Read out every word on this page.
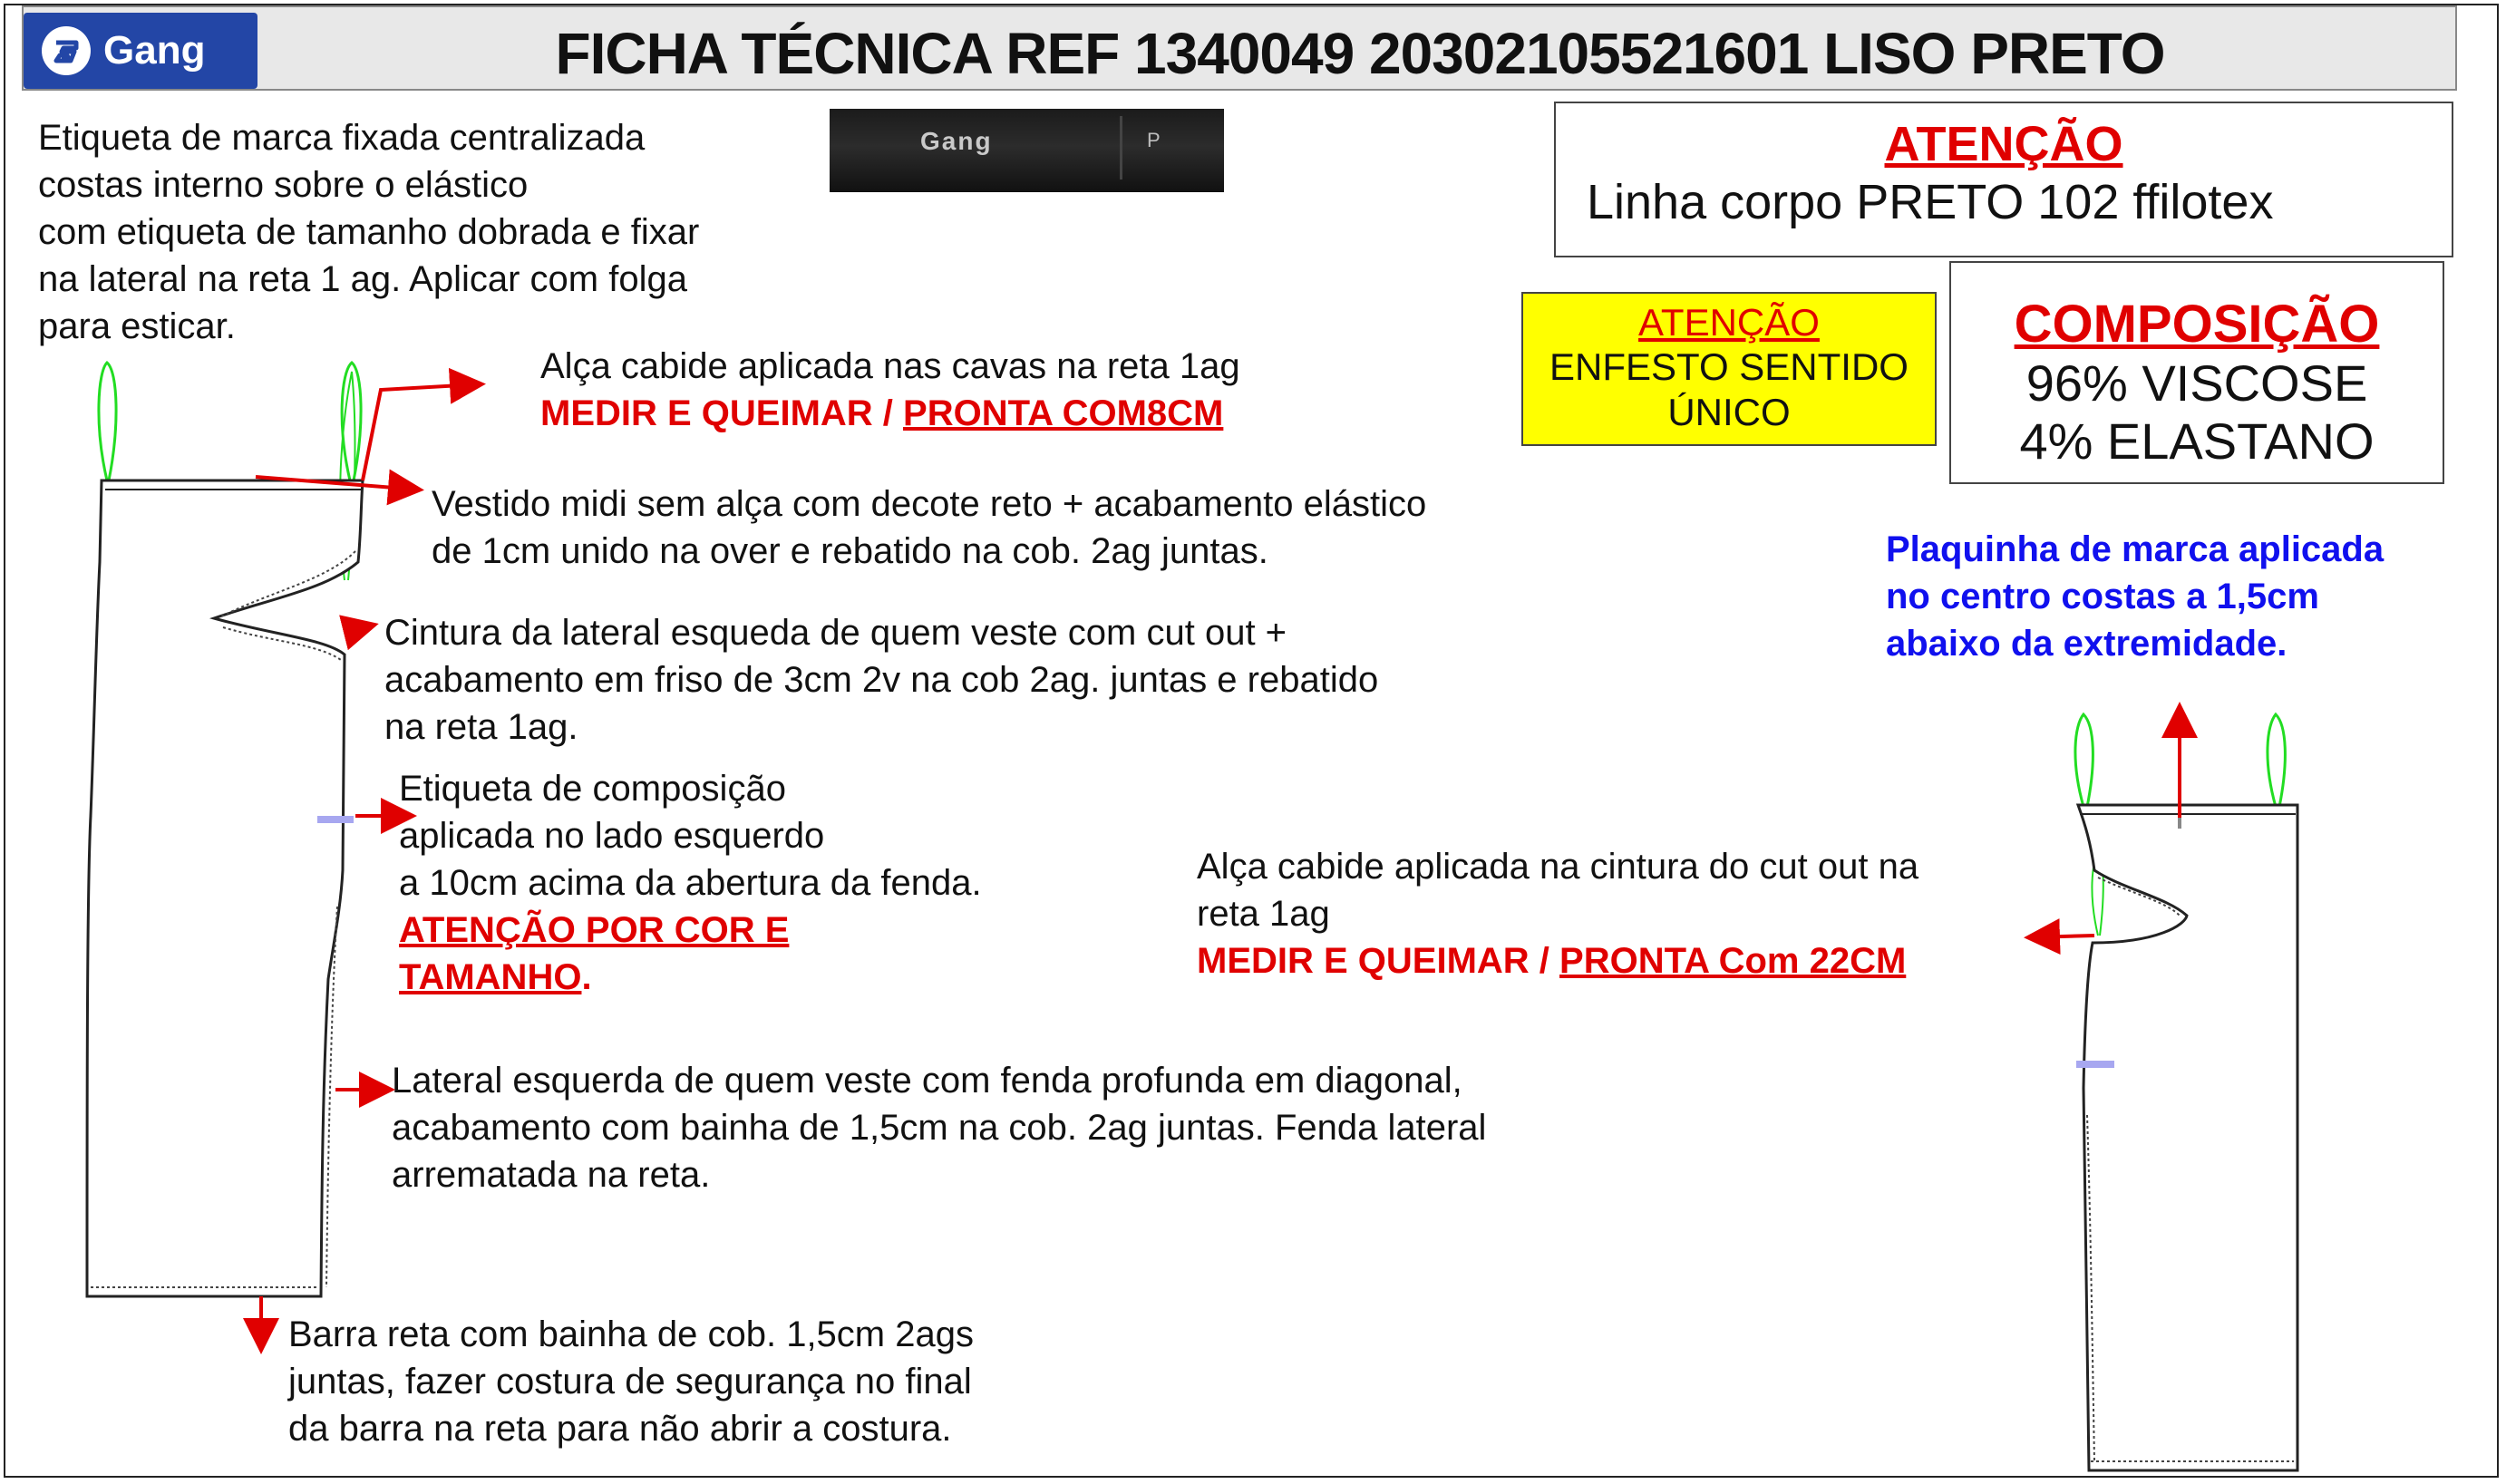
Gang	FICHA TÉCNICA REF 1340049 20302105521601 LISO PRETO
Gang	P
Etiqueta de marca fixada centralizada
costas interno sobre o elástico
com etiqueta de tamanho dobrada e fixar
na lateral na reta 1 ag. Aplicar com folga
para esticar.
Alça cabide aplicada nas cavas na reta 1ag
MEDIR E QUEIMAR / PRONTA COM8CM
Vestido midi sem alça com decote reto + acabamento elástico
de 1cm unido na over e rebatido na cob. 2ag juntas.
Cintura da lateral esqueda de quem veste com cut out +
acabamento em friso de 3cm 2v na cob 2ag. juntas e rebatido
na reta 1ag.
Etiqueta de composição
aplicada no lado esquerdo
a 10cm acima da abertura da fenda.
ATENÇÃO POR COR E
TAMANHO.
Lateral esquerda de quem veste com fenda profunda em diagonal,
acabamento com bainha de 1,5cm na cob. 2ag juntas. Fenda lateral
arrematada na reta.
Barra reta com bainha de cob. 1,5cm 2ags
juntas, fazer costura de segurança no final
da barra na reta para não abrir a costura.
Alça cabide aplicada na cintura do cut out na
reta 1ag
MEDIR E QUEIMAR / PRONTA Com 22CM
Plaquinha de marca aplicada
no centro costas a 1,5cm
abaixo da extremidade.
ATENÇÃO
Linha corpo PRETO 102 ffilotex
ATENÇÃO
ENFESTO SENTIDO
ÚNICO
COMPOSIÇÃO
96% VISCOSE
4% ELASTANO
